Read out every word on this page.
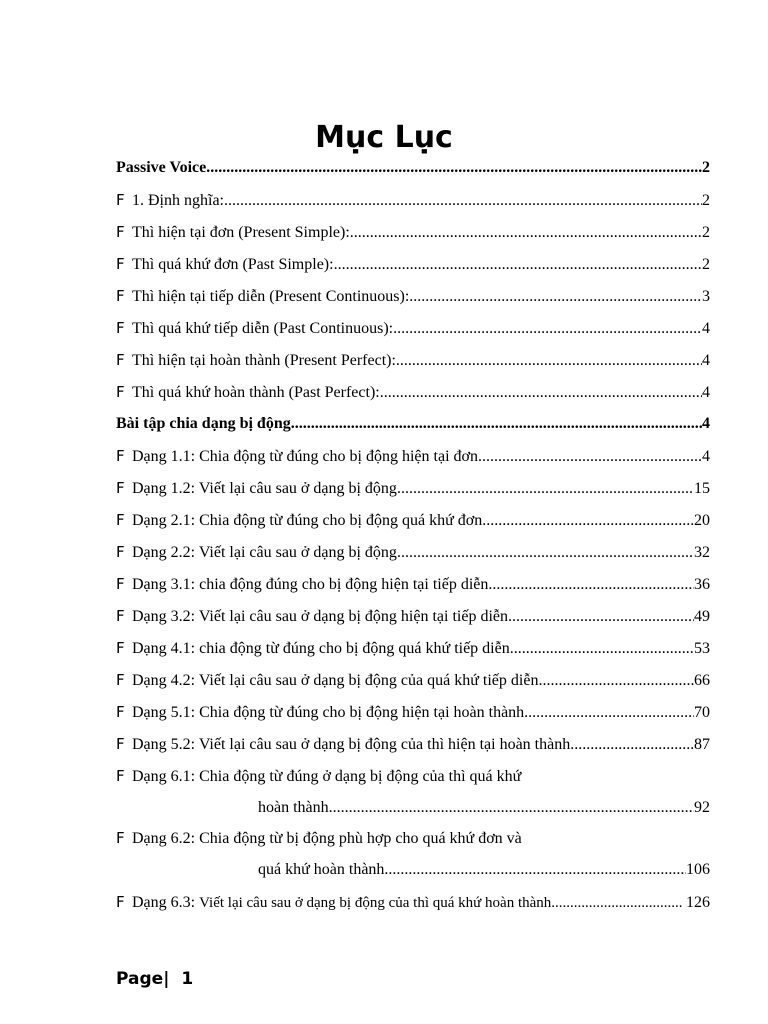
Mục Lục
Passive Voice .....	2
F 1. Định nghĩa: .....	2
F Thì hiện tại đơn (Present Simple): .....	2
F Thì quá khứ đơn (Past Simple): .....	2
F Thì hiện tại tiếp diễn (Present Continuous): .....	3
F Thì quá khứ tiếp diễn (Past Continuous): .....	4
F Thì hiện tại hoàn thành (Present Perfect): .....	4
F Thì quá khứ hoàn thành (Past Perfect): .....	4
Bài tập chia dạng bị động .....	4
F Dạng 1.1: Chia động từ đúng cho bị động hiện tại đơn .....	4
F Dạng 1.2: Viết lại câu sau ở dạng bị động .....	15
F Dạng 2.1: Chia động từ đúng cho bị động quá khứ đơn .....	20
F Dạng 2.2: Viết lại câu sau ở dạng bị động .....	32
F Dạng 3.1: chia động đúng cho bị động hiện tại tiếp diễn .....	36
F Dạng 3.2: Viết lại câu sau ở dạng bị động hiện tại tiếp diễn .....	49
F Dạng 4.1: chia động từ đúng cho bị động quá khứ tiếp diễn .....	53
F Dạng 4.2: Viết lại câu sau ở dạng bị động của quá khứ tiếp diễn .....	66
F Dạng 5.1: Chia động từ đúng cho bị động hiện tại hoàn thành .....	70
F Dạng 5.2: Viết lại câu sau ở dạng bị động của thì hiện tại hoàn thành .....	87
F Dạng 6.1: Chia động từ đúng ở dạng bị động của thì quá khứ
hoàn thành .....	92
F Dạng 6.2: Chia động từ bị động phù hợp cho quá khứ đơn và
quá khứ hoàn thành .....	106
F Dạng 6.3: Viết lại câu sau ở dạng bị động của thì quá khứ hoàn thành .....	126
Page| 1
